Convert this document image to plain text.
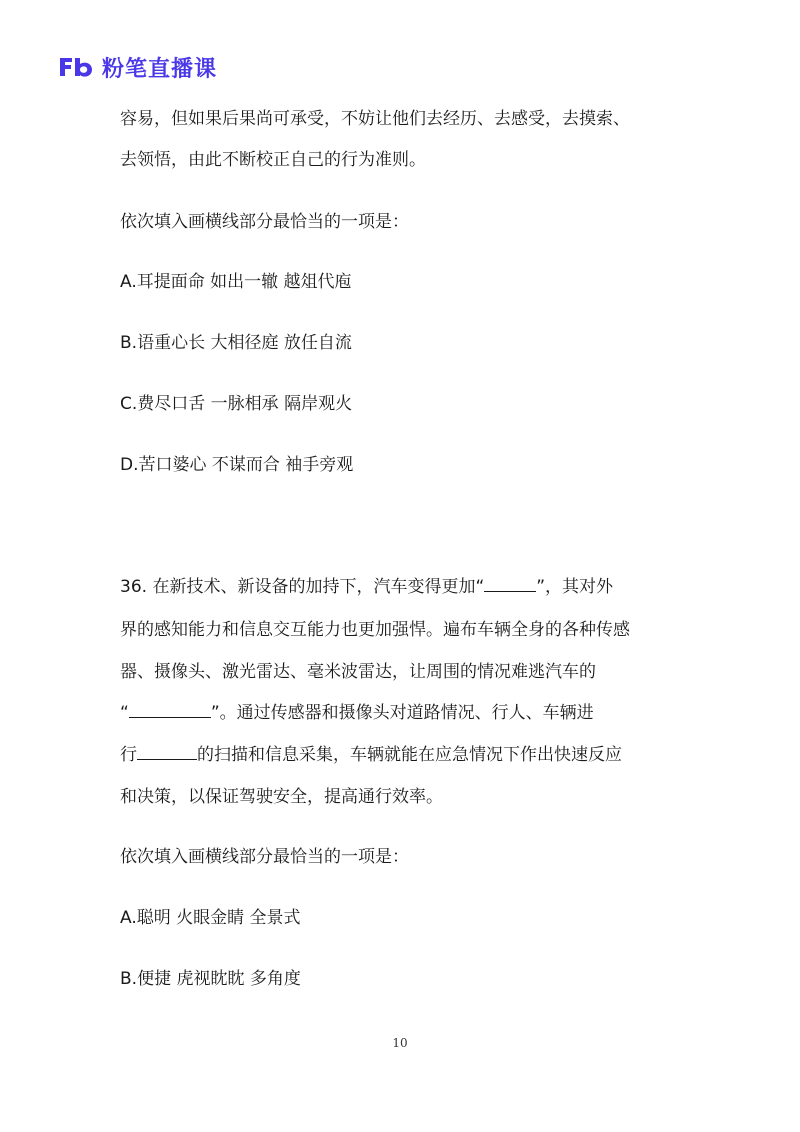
粉笔直播课
容易，但如果后果尚可承受，不妨让他们去经历、去感受，去摸索、
去领悟，由此不断校正自己的行为准则。
依次填入画横线部分最恰当的一项是：
A.耳提面命 如出一辙 越俎代庖
B.语重心长 大相径庭 放任自流
C.费尽口舌 一脉相承 隔岸观火
D.苦口婆心 不谋而合 袖手旁观
36. 在新技术、新设备的加持下，汽车变得更加“	”，其对外
界的感知能力和信息交互能力也更加强悍。遍布车辆全身的各种传感
器、摄像头、激光雷达、毫米波雷达，让周围的情况难逃汽车的
“	”。通过传感器和摄像头对道路情况、行人、车辆进
行	的扫描和信息采集，车辆就能在应急情况下作出快速反应
和决策，以保证驾驶安全，提高通行效率。
依次填入画横线部分最恰当的一项是：
A.聪明 火眼金睛 全景式
B.便捷 虎视眈眈 多角度
10
